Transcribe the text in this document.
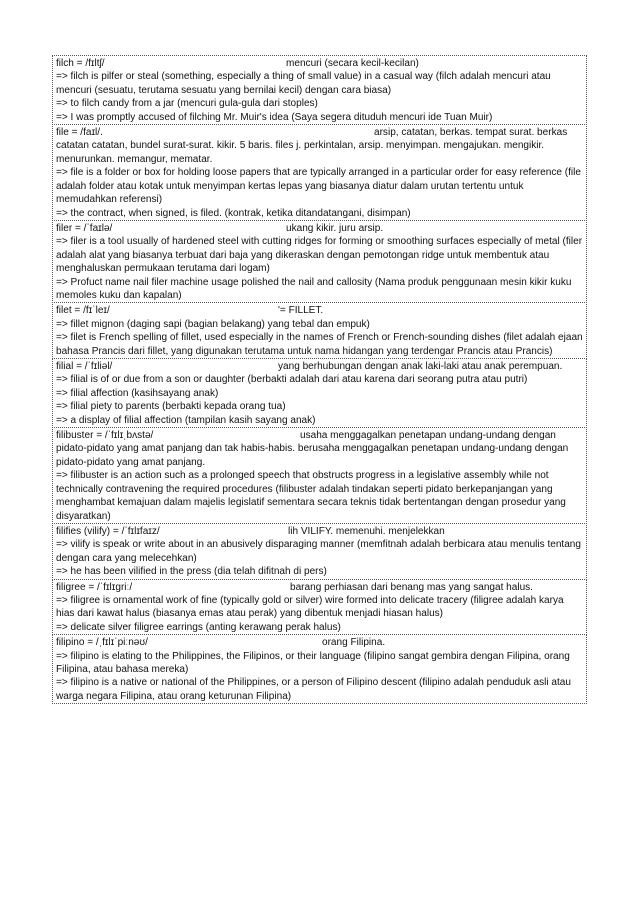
filch = /fɪltʃ/	mencuri (secara kecil-kecilan)
=> filch is pilfer or steal (something, especially a thing of small value) in a casual way (filch adalah mencuri atau mencuri (sesuatu, terutama sesuatu yang bernilai kecil) dengan cara biasa)
=> to filch candy from a jar (mencuri gula-gula dari stoples)
=> I was promptly accused of filching Mr. Muir's idea (Saya segera dituduh mencuri ide Tuan Muir)
file = /faɪl/.	arsip, catatan, berkas. tempat surat. berkas catatan catatan, bundel surat-surat. kikir. 5 baris. files j. perkintalan, arsip. menyimpan. mengajukan. mengikir. menurunkan. memangur, mematar.
=> file is a folder or box for holding loose papers that are typically arranged in a particular order for easy reference (file adalah folder atau kotak untuk menyimpan kertas lepas yang biasanya diatur dalam urutan tertentu untuk memudahkan referensi)
=> the contract, when signed, is filed. (kontrak, ketika ditandatangani, disimpan)
filer = /ˈfaɪlə/	ukang kikir. juru arsip.
=> filer is a tool usually of hardened steel with cutting ridges for forming or smoothing surfaces especially of metal (filer adalah alat yang biasanya terbuat dari baja yang dikeraskan dengan pemotongan ridge untuk membentuk atau menghaluskan permukaan terutama dari logam)
=> Profuct name nail filer machine usage polished the nail and callosity (Nama produk penggunaan mesin kikir kuku memoles kuku dan kapalan)
filet = /fɪˈleɪ/	'= FILLET.
=> fillet mignon (daging sapi (bagian belakang) yang tebal dan empuk)
=> filet is French spelling of fillet, used especially in the names of French or French-sounding dishes (filet adalah ejaan bahasa Prancis dari fillet, yang digunakan terutama untuk nama hidangan yang terdengar Prancis atau Prancis)
filial = /ˈfɪliəl/	yang berhubungan dengan anak laki-laki atau anak perempuan.
=> filial is of or due from a son or daughter (berbakti adalah dari atau karena dari seorang putra atau putri)
=> filial affection (kasihsayang anak)
=> filial piety to parents (berbakti kepada orang tua)
=> a display of filial affection (tampilan kasih sayang anak)
filibuster = /ˈfɪlɪˌbʌstə/	usaha menggagalkan penetapan undang-undang dengan pidato-pidato yang amat panjang dan tak habis-habis. berusaha menggagalkan penetapan undang-undang dengan pidato-pidato yang amat panjang.
=> filibuster is an action such as a prolonged speech that obstructs progress in a legislative assembly while not technically contravening the required procedures (filibuster adalah tindakan seperti pidato berkepanjangan yang menghambat kemajuan dalam majelis legislatif sementara secara teknis tidak bertentangan dengan prosedur yang disyaratkan)
filifies (vilify) = /ˈfɪlɪfaɪz/	lih VILIFY. memenuhi. menjelekkan
=> vilify is speak or write about in an abusively disparaging manner (memfitnah adalah berbicara atau menulis tentang dengan cara yang melecehkan)
=> he has been vilified in the press (dia telah difitnah di pers)
filigree = /ˈfɪlɪgriː/	barang perhiasan dari benang mas yang sangat halus.
=> filigree is ornamental work of fine (typically gold or silver) wire formed into delicate tracery (filigree adalah karya hias dari kawat halus (biasanya emas atau perak) yang dibentuk menjadi hiasan halus)
=> delicate silver filigree earrings (anting kerawang perak halus)
filipino = /ˌfɪlɪˈpiːnəʊ/	orang Filipina.
=> filipino is elating to the Philippines, the Filipinos, or their language (filipino sangat gembira dengan Filipina, orang Filipina, atau bahasa mereka)
=> filipino is a native or national of the Philippines, or a person of Filipino descent (filipino adalah penduduk asli atau warga negara Filipina, atau orang keturunan Filipina)
